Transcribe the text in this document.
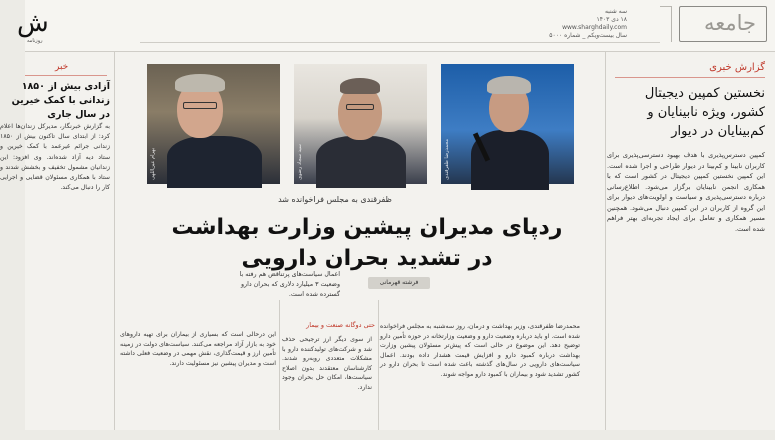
جامعه
سه شنبه
۱۸ دی ۱۴۰۳
www.sharghdaily.com
سال بیست‌ویکم _ شماره ۵۰۰۰
ش
روزنامه
گزارش خبری
نخستین کمپین دیجیتال کشور، ویژه نابینایان و کم‌بینایان در دیوار
کمپین دسترس‌پذیری با هدف بهبود دسترسی‌پذیری برای کاربران نابینا و کم‌بینا در دیوار طراحی و اجرا شده است. این کمپین نخستین کمپین دیجیتال در کشور است که با همکاری انجمن نابینایان برگزار می‌شود. اطلاع‌رسانی درباره دسترسی‌پذیری و سیاست و اولویت‌های دیوار برای این گروه از کاربران در این کمپین دنبال می‌شود. همچنین مسیر همکاری و تعامل برای ایجاد تجربه‌ای بهتر فراهم شده است.
خبر
آزادی بیش از ۱۸۵۰ زندانی با کمک خیرین در سال جاری
به گزارش خبرنگار، مدیرکل زندان‌ها اعلام کرد: از ابتدای سال تاکنون بیش از ۱۸۵۰ زندانی جرائم غیرعمد با کمک خیرین و ستاد دیه آزاد شده‌اند. وی افزود: این زندانیان مشمول تخفیف و بخشش شدند و ستاد با همکاری مسئولان قضایی و اجرایی کار را دنبال می‌کند.
محمدرضا ظفرقندی
سید سجاد رضوی
بهرام عین‌اللهی
ظفرقندی به مجلس فراخوانده شد
ردپای مدیران پیشین وزارت بهداشت
در تشدید بحران دارویی
فرشته قهرمانی
اعمال سیاست‌های پرتناقض هم رفته با وضعیت ۳ میلیارد دلاری که بحران دارو گسترده شده است.
حتی دوگانه صنعت و بیمار محمدرضا ظفرقندی، وزیر بهداشت و درمان، روز سه‌شنبه به مجلس فراخوانده شده است. او باید درباره وضعیت دارو و وضعیت وزارتخانه در حوزه تأمین دارو توضیح دهد. این موضوع در حالی است که پیش‌تر مسئولان پیشین وزارت بهداشت درباره کمبود دارو و افزایش قیمت هشدار داده بودند. اعمال سیاست‌های دارویی در سال‌های گذشته باعث شده است تا بحران دارو در کشور تشدید شود و بیماران با کمبود دارو مواجه شوند.
از سوی دیگر ارز ترجیحی حذف شد و شرکت‌های تولیدکننده دارو با مشکلات متعددی روبه‌رو شدند. کارشناسان معتقدند بدون اصلاح سیاست‌ها، امکان حل بحران وجود ندارد.
این درحالی است که بسیاری از بیماران برای تهیه داروهای خود به بازار آزاد مراجعه می‌کنند. سیاست‌های دولت در زمینه تأمین ارز و قیمت‌گذاری، نقش مهمی در وضعیت فعلی داشته است و مدیران پیشین نیز مسئولیت دارند.
